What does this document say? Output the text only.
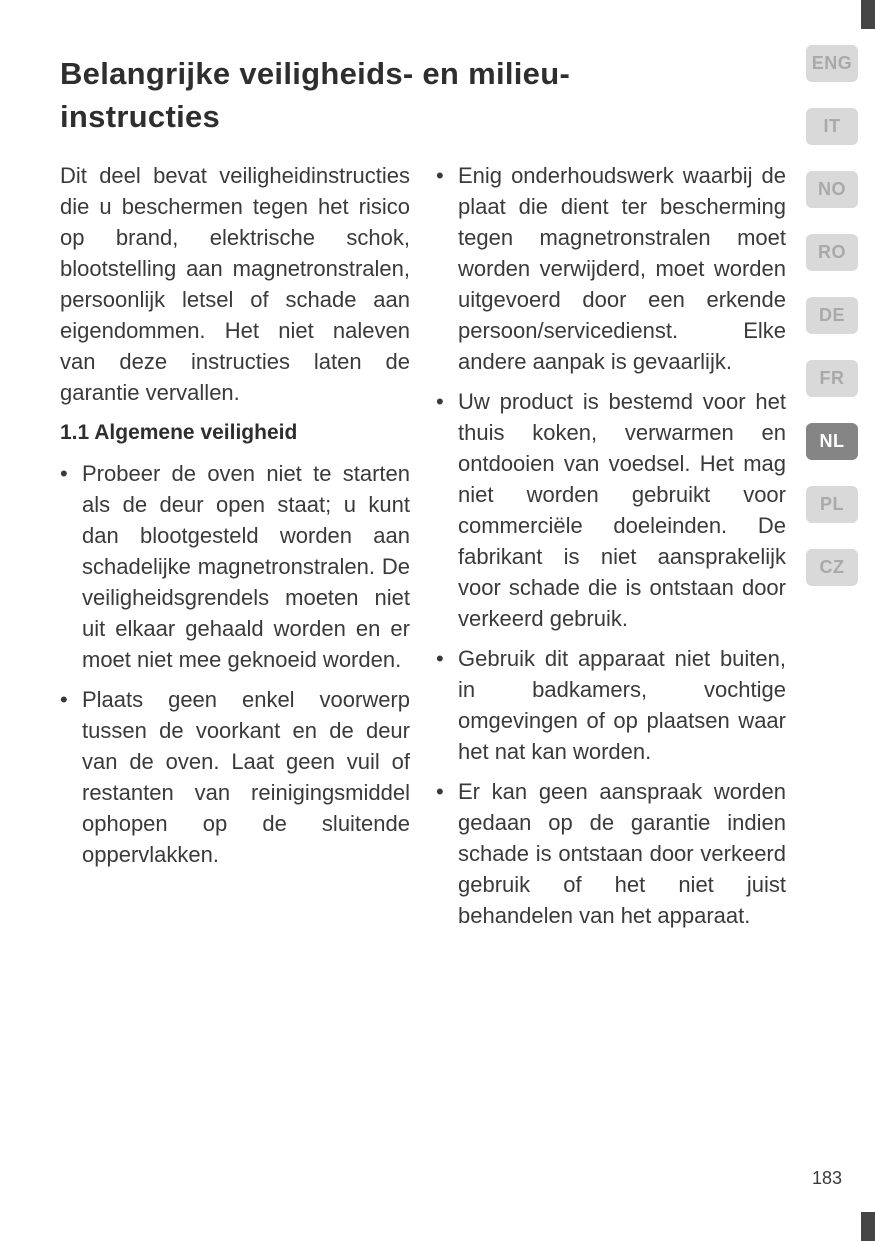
Belangrijke veiligheids- en milieu-
instructies

Dit deel bevat veiligheidinstructies die u beschermen tegen het risico op brand, elektrische schok, blootstelling aan magnetronstralen, persoonlijk letsel of schade aan eigendommen. Het niet naleven van deze instructies laten de garantie vervallen.

1.1 Algemene veiligheid
• Probeer de oven niet te starten als de deur open staat; u kunt dan blootgesteld worden aan schadelijke magnetronstralen. De veiligheidsgrendels moeten niet uit elkaar gehaald worden en er moet niet mee geknoeid worden.

• Plaats geen enkel voorwerp tussen de voorkant en de deur van de oven. Laat geen vuil of restanten van reinigingsmiddel ophopen op de sluitende oppervlakken.

• Enig onderhoudswerk waarbij de plaat die dient ter bescherming tegen magnetronstralen moet worden verwijderd, moet worden uitgevoerd door een erkende persoon/servicedienst. Elke andere aanpak is gevaarlijk.

• Uw product is bestemd voor het thuis koken, verwarmen en ontdooien van voedsel. Het mag niet worden gebruikt voor commerciële doeleinden. De fabrikant is niet aansprakelijk voor schade die is ontstaan door verkeerd gebruik.

• Gebruik dit apparaat niet buiten, in badkamers, vochtige omgevingen of op plaatsen waar het nat kan worden.

• Er kan geen aanspraak worden gedaan op de garantie indien schade is ontstaan door verkeerd gebruik of het niet juist behandelen van het apparaat.

ENG
IT
NO
RO
DE
FR
NL
PL
CZ
183
